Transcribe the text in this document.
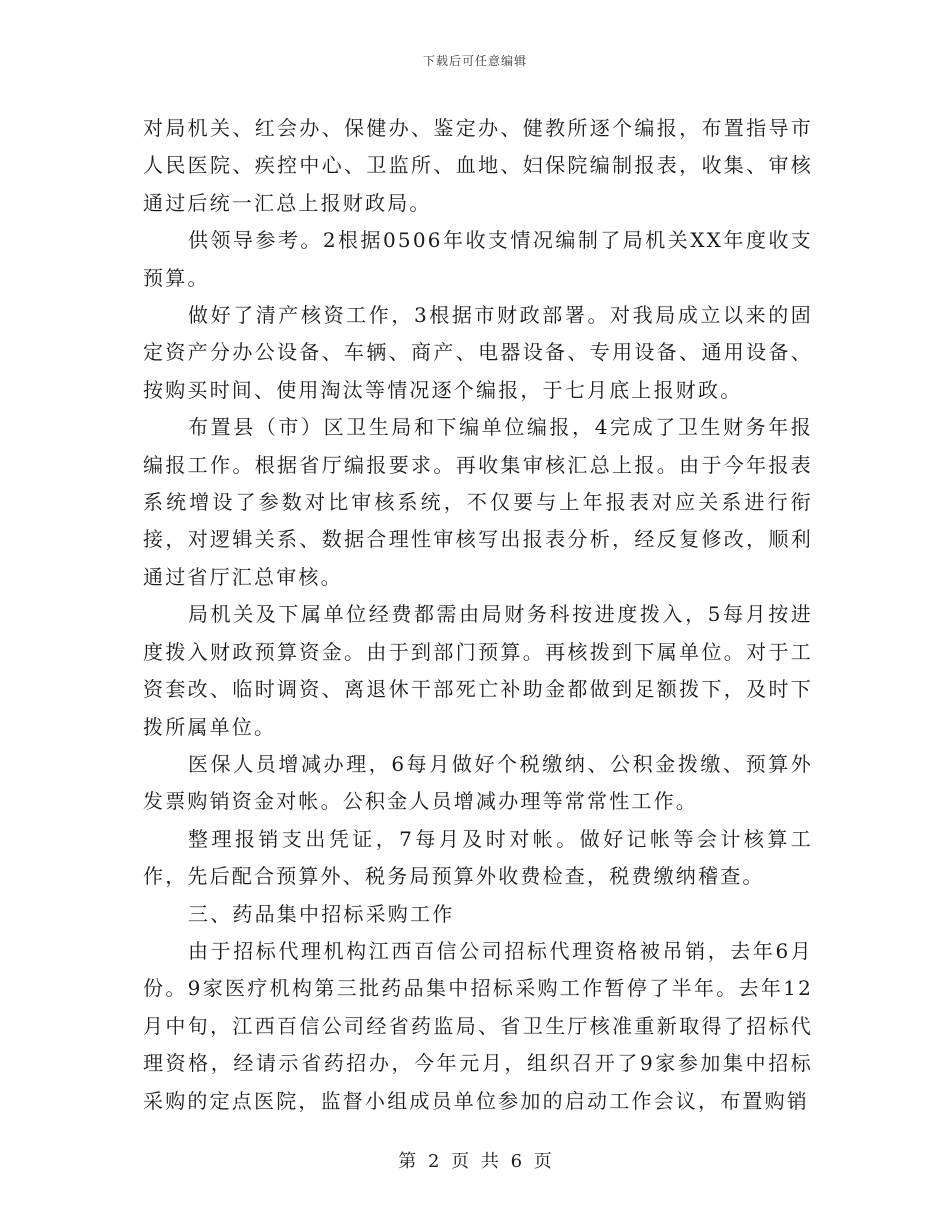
下载后可任意编辑

对局机关、红会办、保健办、鉴定办、健教所逐个编报，布置指导市人民医院、疾控中心、卫监所、血地、妇保院编制报表，收集、审核通过后统一汇总上报财政局。

供领导参考。2根据0506年收支情况编制了局机关XX年度收支预算。

做好了清产核资工作，3根据市财政部署。对我局成立以来的固定资产分办公设备、车辆、商产、电器设备、专用设备、通用设备、按购买时间、使用淘汰等情况逐个编报，于七月底上报财政。

布置县（市）区卫生局和下编单位编报，4完成了卫生财务年报编报工作。根据省厅编报要求。再收集审核汇总上报。由于今年报表系统增设了参数对比审核系统，不仅要与上年报表对应关系进行衔接，对逻辑关系、数据合理性审核写出报表分析，经反复修改，顺利通过省厅汇总审核。

局机关及下属单位经费都需由局财务科按进度拨入，5每月按进度拨入财政预算资金。由于到部门预算。再核拨到下属单位。对于工资套改、临时调资、离退休干部死亡补助金都做到足额拨下，及时下拨所属单位。

医保人员增减办理，6每月做好个税缴纳、公积金拨缴、预算外发票购销资金对帐。公积金人员增减办理等常常性工作。

整理报销支出凭证，7每月及时对帐。做好记帐等会计核算工作，先后配合预算外、税务局预算外收费检查，税费缴纳稽查。

三、药品集中招标采购工作

由于招标代理机构江西百信公司招标代理资格被吊销，去年6月份。9家医疗机构第三批药品集中招标采购工作暂停了半年。去年12月中旬，江西百信公司经省药监局、省卫生厅核准重新取得了招标代理资格，经请示省药招办，今年元月，组织召开了9家参加集中招标采购的定点医院，监督小组成员单位参加的启动工作会议，布置购销

第 2 页 共 6 页
